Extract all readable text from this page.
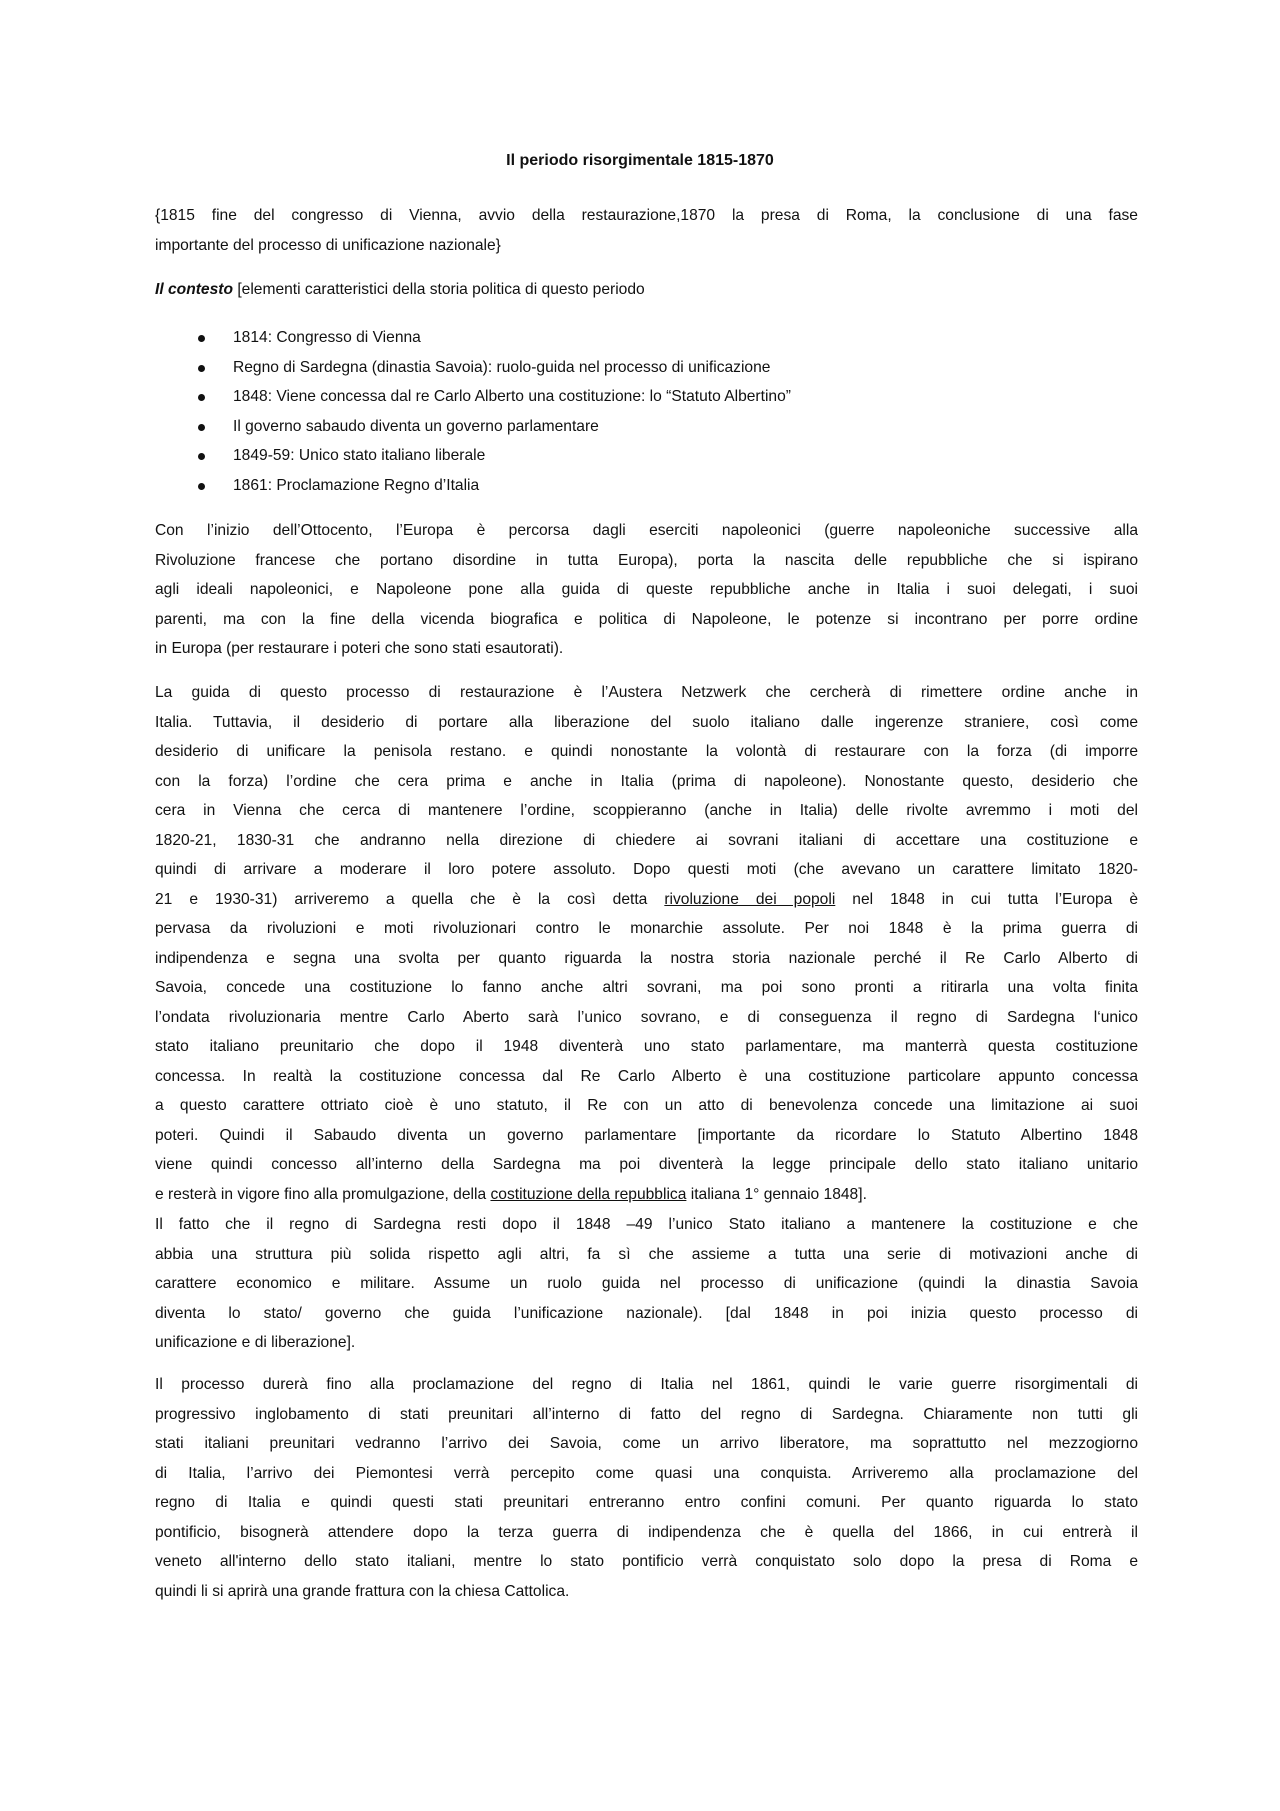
Il periodo risorgimentale 1815-1870
{1815 fine del congresso di Vienna, avvio della restaurazione,1870 la presa di Roma, la conclusione di una fase
importante del processo di unificazione nazionale}
Il contesto [elementi caratteristici della storia politica di questo periodo
1814: Congresso di Vienna
Regno di Sardegna (dinastia Savoia): ruolo-guida nel processo di unificazione
1848: Viene concessa dal re Carlo Alberto una costituzione: lo “Statuto Albertino”
Il governo sabaudo diventa un governo parlamentare
1849-59: Unico stato italiano liberale
1861: Proclamazione Regno d’Italia
Con l’inizio dell’Ottocento, l’Europa è percorsa dagli eserciti napoleonici (guerre napoleoniche successive alla
Rivoluzione francese che portano disordine in tutta Europa), porta la nascita delle repubbliche che si ispirano
agli ideali napoleonici, e Napoleone pone alla guida di queste repubbliche anche in Italia i suoi delegati, i suoi
parenti, ma con la fine della vicenda biografica e politica di Napoleone, le potenze si incontrano per porre ordine
in Europa (per restaurare i poteri che sono stati esautorati).
La guida di questo processo di restaurazione è l’Austera Netzwerk che cercherà di rimettere ordine anche in
Italia. Tuttavia, il desiderio di portare alla liberazione del suolo italiano dalle ingerenze straniere, così come
desiderio di unificare la penisola restano. e quindi nonostante la volontà di restaurare con la forza (di imporre
con la forza) l’ordine che cera prima e anche in Italia (prima di napoleone). Nonostante questo, desiderio che
cera in Vienna che cerca di mantenere l’ordine, scoppieranno (anche in Italia) delle rivolte avremmo i moti del
1820-21, 1830-31 che andranno nella direzione di chiedere ai sovrani italiani di accettare una costituzione e
quindi di arrivare a moderare il loro potere assoluto. Dopo questi moti (che avevano un carattere limitato 1820-
21 e 1930-31) arriveremo a quella che è la così detta rivoluzione dei popoli nel 1848 in cui tutta l’Europa è
pervasa da rivoluzioni e moti rivoluzionari contro le monarchie assolute. Per noi 1848 è la prima guerra di
indipendenza e segna una svolta per quanto riguarda la nostra storia nazionale perché il Re Carlo Alberto di
Savoia, concede una costituzione lo fanno anche altri sovrani, ma poi sono pronti a ritirarla una volta finita
l’ondata rivoluzionaria mentre Carlo Aberto sarà l’unico sovrano, e di conseguenza il regno di Sardegna l‘unico
stato italiano preunitario che dopo il 1948 diventerà uno stato parlamentare, ma manterrà questa costituzione
concessa. In realtà la costituzione concessa dal Re Carlo Alberto è una costituzione particolare appunto concessa
a questo carattere ottriato cioè è uno statuto, il Re con un atto di benevolenza concede una limitazione ai suoi
poteri. Quindi il Sabaudo diventa un governo parlamentare [importante da ricordare lo Statuto Albertino 1848
viene quindi concesso all’interno della Sardegna ma poi diventerà la legge principale dello stato italiano unitario
e resterà in vigore fino alla promulgazione, della costituzione della repubblica italiana 1° gennaio 1848].
Il fatto che il regno di Sardegna resti dopo il 1848 –49 l’unico Stato italiano a mantenere la costituzione e che
abbia una struttura più solida rispetto agli altri, fa sì che assieme a tutta una serie di motivazioni anche di
carattere economico e militare. Assume un ruolo guida nel processo di unificazione (quindi la dinastia Savoia
diventa lo stato/ governo che guida l’unificazione nazionale). [dal 1848 in poi inizia questo processo di
unificazione e di liberazione].
Il processo durerà fino alla proclamazione del regno di Italia nel 1861, quindi le varie guerre risorgimentali di
progressivo inglobamento di stati preunitari all’interno di fatto del regno di Sardegna. Chiaramente non tutti gli
stati italiani preunitari vedranno l’arrivo dei Savoia, come un arrivo liberatore, ma soprattutto nel mezzogiorno
di Italia, l’arrivo dei Piemontesi verrà percepito come quasi una conquista. Arriveremo alla proclamazione del
regno di Italia e quindi questi stati preunitari entreranno entro confini comuni. Per quanto riguarda lo stato
pontificio, bisognerà attendere dopo la terza guerra di indipendenza che è quella del 1866, in cui entrerà il
veneto all'interno dello stato italiani, mentre lo stato pontificio verrà conquistato solo dopo la presa di Roma e
quindi li si aprirà una grande frattura con la chiesa Cattolica.
